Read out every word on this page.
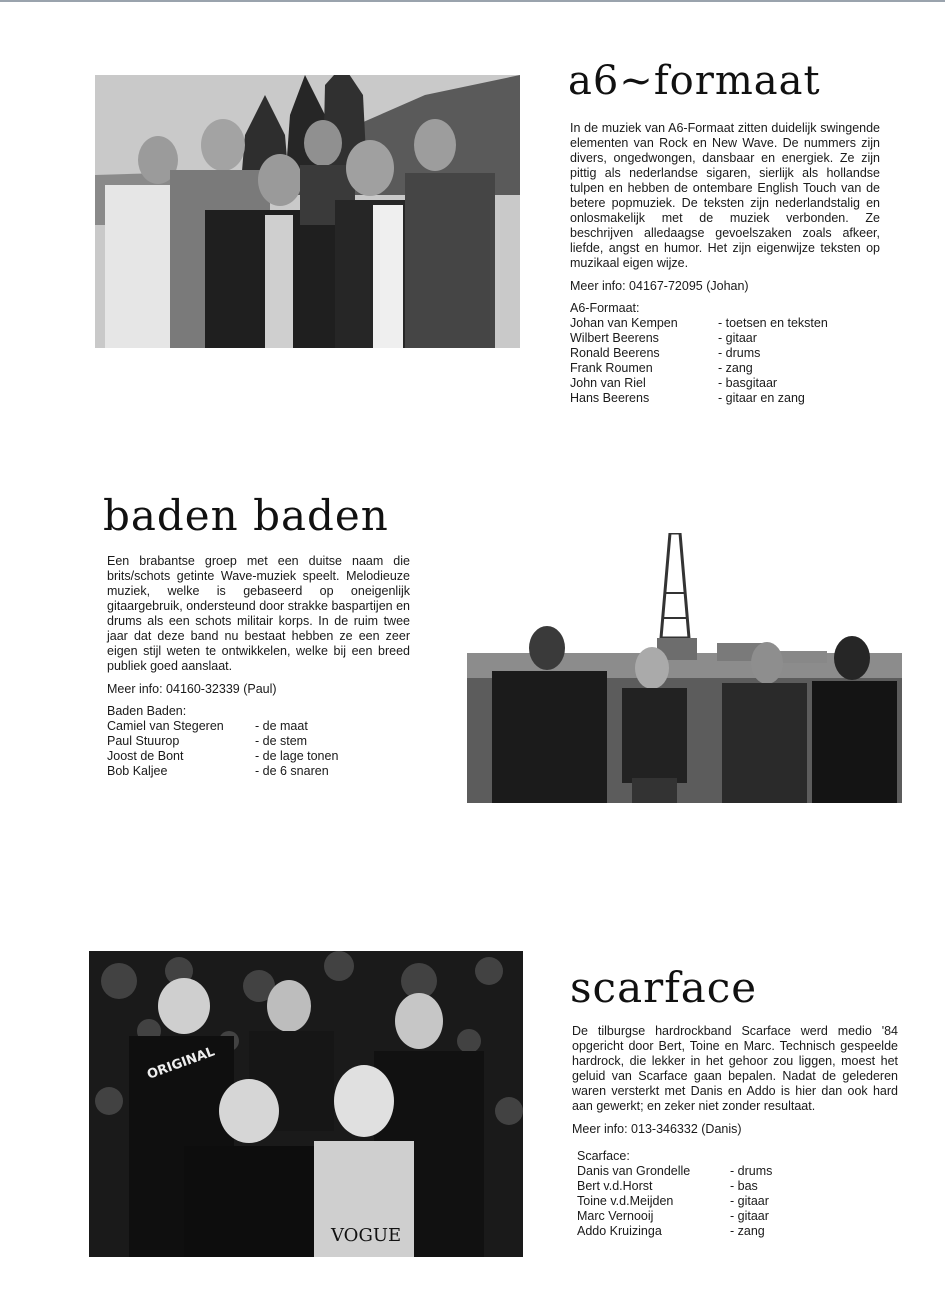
a6~formaat

In de muziek van A6-Formaat zitten duidelijk swingende elementen van Rock en New Wave. De nummers zijn divers, ongedwongen, dansbaar en energiek. Ze zijn pittig als nederlandse sigaren, sierlijk als hollandse tulpen en hebben de ontembare English Touch van de betere popmuziek. De teksten zijn nederlandstalig en onlosmakelijk met de muziek verbonden. Ze beschrijven alledaagse gevoelszaken zoals afkeer, liefde, angst en humor. Het zijn eigenwijze teksten op muzikaal eigen wijze.

Meer info: 04167-72095 (Johan)
A6-Formaat:
Johan van Kempen	- toetsen en teksten
Wilbert Beerens	- gitaar
Ronald Beerens	- drums
Frank Roumen	- zang
John van Riel	- basgitaar
Hans Beerens	- gitaar en zang
baden baden

Een brabantse groep met een duitse naam die brits/schots getinte Wave-muziek speelt. Melodieuze muziek, welke is gebaseerd op oneigenlijk gitaargebruik, ondersteund door strakke baspartijen en drums als een schots militair korps. In de ruim twee jaar dat deze band nu bestaat hebben ze een zeer eigen stijl weten te ontwikkelen, welke bij een breed publiek goed aanslaat.

Meer info: 04160-32339 (Paul)
Baden Baden:
Camiel van Stegeren	- de maat
Paul Stuurop	- de stem
Joost de Bont	- de lage tonen
Bob Kaljee	- de 6 snaren
ORIGINAL
VOGUE
scarface

De tilburgse hardrockband Scarface werd medio '84 opgericht door Bert, Toine en Marc. Technisch gespeelde hardrock, die lekker in het gehoor zou liggen, moest het geluid van Scarface gaan bepalen. Nadat de gelederen waren versterkt met Danis en Addo is hier dan ook hard aan gewerkt; en zeker niet zonder resultaat.

Meer info: 013-346332 (Danis)
Scarface:
Danis van Grondelle	- drums
Bert v.d.Horst	- bas
Toine v.d.Meijden	- gitaar
Marc Vernooij	- gitaar
Addo Kruizinga	- zang
